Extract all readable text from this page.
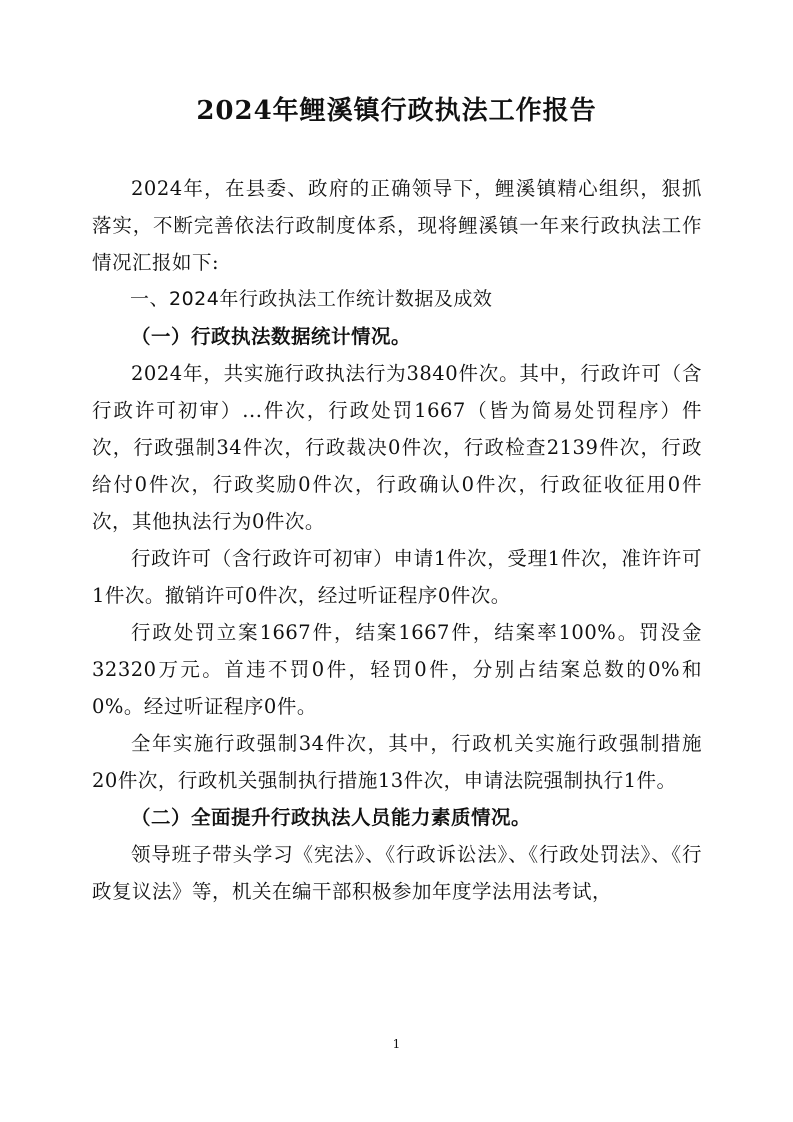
2024年鲤溪镇行政执法工作报告

2024年，在县委、政府的正确领导下，鲤溪镇精心组织，狠抓落实，不断完善依法行政制度体系，现将鲤溪镇一年来行政执法工作情况汇报如下:

一、2024年行政执法工作统计数据及成效

（一）行政执法数据统计情况。

2024年，共实施行政执法行为3840件次。其中，行政许可（含行政许可初审）...件次，行政处罚1667（皆为简易处罚程序）件次，行政强制34件次，行政裁决0件次，行政检查2139件次，行政给付0件次，行政奖励0件次，行政确认0件次，行政征收征用0件次，其他执法行为0件次。

行政许可（含行政许可初审）申请1件次，受理1件次，准许许可1件次。撤销许可0件次，经过听证程序0件次。

行政处罚立案1667件，结案1667件，结案率100%。罚没金32320万元。首违不罚0件，轻罚0件，分别占结案总数的0%和0%。经过听证程序0件。

全年实施行政强制34件次，其中，行政机关实施行政强制措施20件次，行政机关强制执行措施13件次，申请法院强制执行1件。

（二）全面提升行政执法人员能力素质情况。

领导班子带头学习《宪法》、《行政诉讼法》、《行政处罚法》、《行政复议法》等，机关在编干部积极参加年度学法用法考试，

1
